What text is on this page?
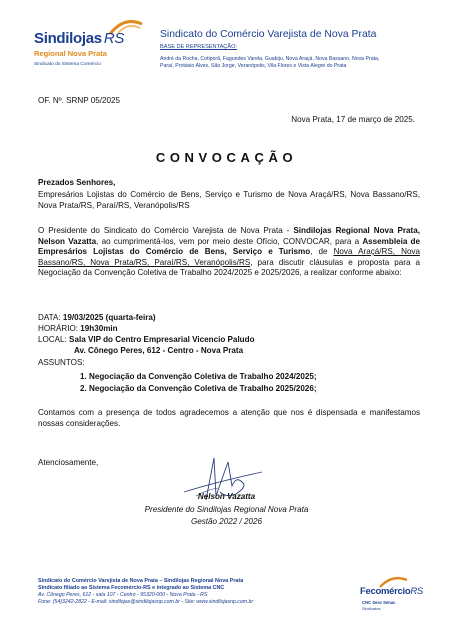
Sindilojas RS
Regional Nova Prata
Sindicato do Sistema Comércio
Sindicato do Comércio Varejista de Nova Prata
BASE DE REPRESENTAÇÃO:
André da Rocha, Cotiporã, Fagundes Varela, Guabiju, Nova Araçá, Nova Bassano, Nova Prata,
Paraí, Protásio Alves, São Jorge, Veranópolis, Vila Flores e Vista Alegre do Prata
OF. Nº. SRNP 05/2025
Nova Prata, 17 de março de 2025.
CONVOCAÇÃO
Prezados Senhores,
Empresários Lojistas do Comércio de Bens, Serviço e Turismo de Nova Araçá/RS, Nova Bassano/RS, Nova Prata/RS, Paraí/RS, Veranópolis/RS
O Presidente do Sindicato do Comércio Varejista de Nova Prata - Sindilojas Regional Nova Prata, Nelson Vazatta, ao cumprimentá-los, vem por meio deste Ofício, CONVOCAR, para a Assembleia de Empresários Lojistas do Comércio de Bens, Serviço e Turismo, de Nova Araçá/RS, Nova Bassano/RS, Nova Prata/RS, Paraí/RS, Veranópolis/RS, para discutir cláusulas e proposta para a Negociação da Convenção Coletiva de Trabalho 2024/2025 e 2025/2026, a realizar conforme abaixo:
DATA: 19/03/2025 (quarta-feira)
HORÁRIO: 19h30min
LOCAL: Sala VIP do Centro Empresarial Vicencio Paludo
Av. Cônego Peres, 612 - Centro - Nova Prata
ASSUNTOS:
1. Negociação da Convenção Coletiva de Trabalho 2024/2025;
2. Negociação da Convenção Coletiva de Trabalho 2025/2026;
Contamos com a presença de todos agradecemos a atenção que nos é dispensada e manifestamos nossas considerações.
Atenciosamente,
Nelson Vazatta
Presidente do Sindilojas Regional Nova Prata
Gestão 2022 / 2026
Sindicato do Comércio Varejista de Nova Prata – Sindilojas Regional Nova Prata
Sindicato filiado ao Sistema Fecomércio-RS e integrado ao Sistema CNC
Av. Cônego Peres, 612 - sala 107 - Centro - 95320-000 - Nova Prata - RS
Fone: (54)3242-2822 - E-mail: sindilojas@sindilojasnp.com.br - Site: www.sindilojasnp.com.br
FecomércioRS
CNC Sesc Senac
Sindicatos
